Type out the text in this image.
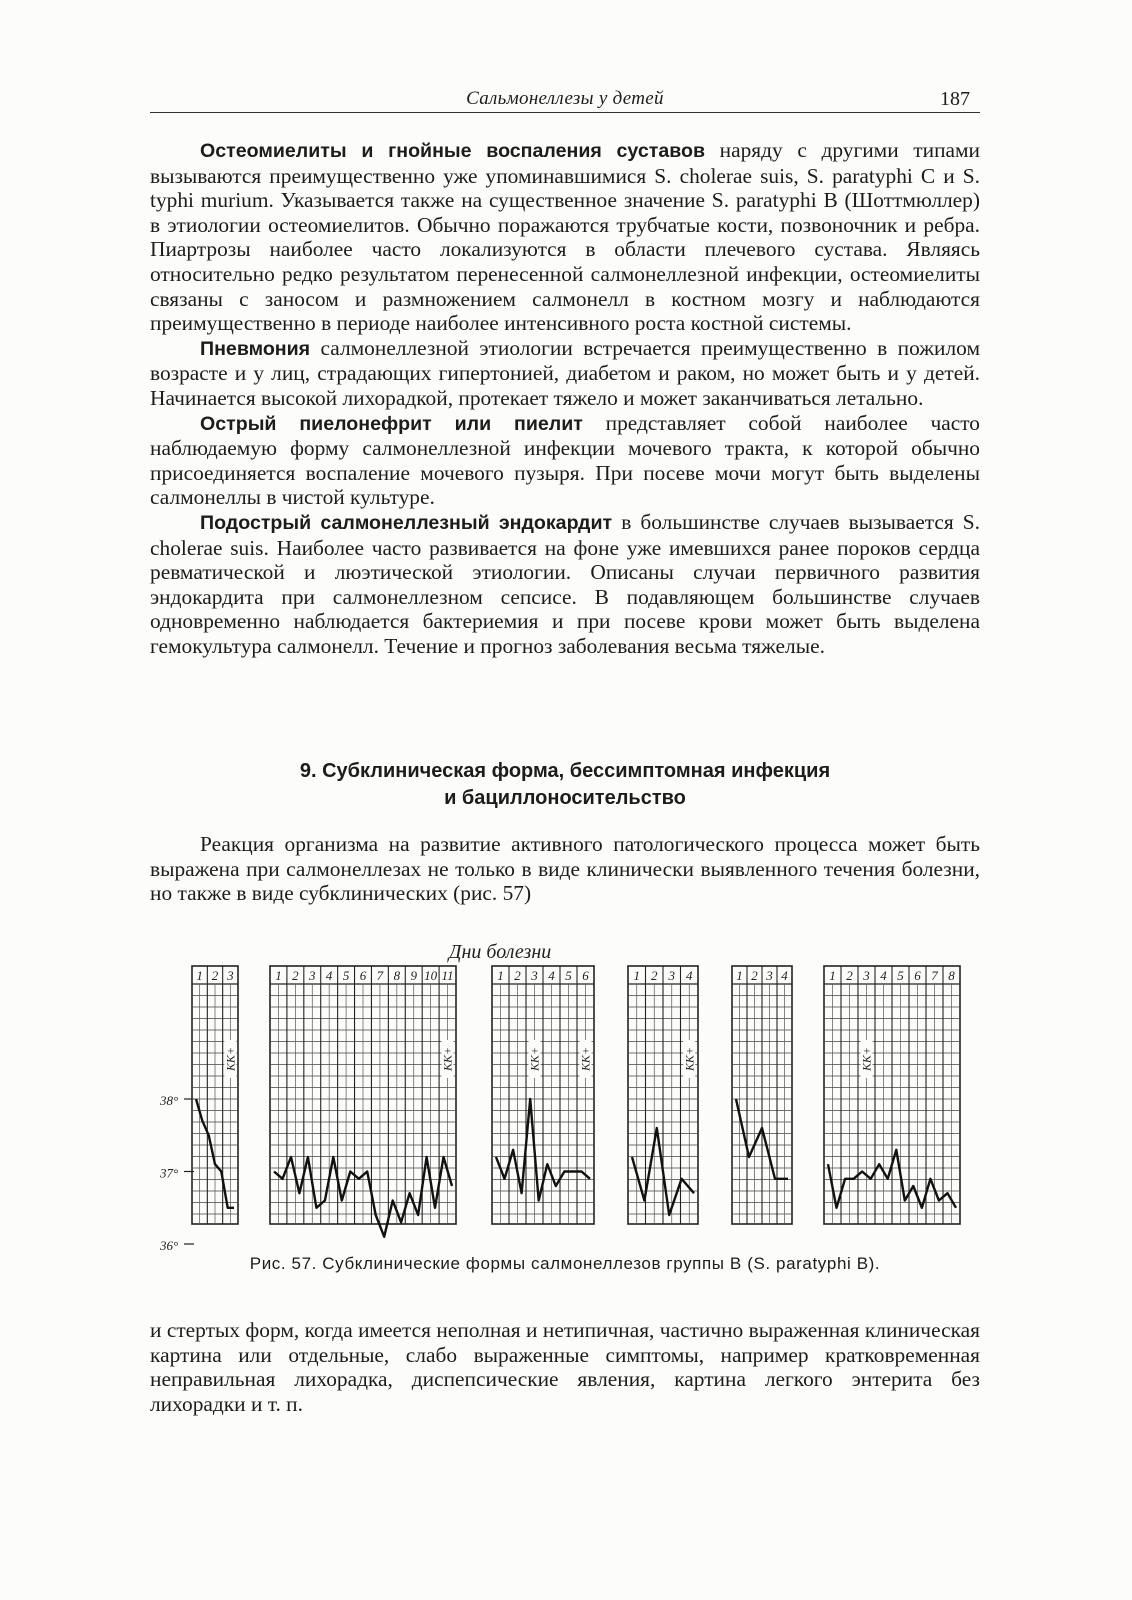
Сальмонеллезы у детей	187

Остеомиелиты и гнойные воспаления суставов наряду с другими типами вызываются преимущественно уже упоминавшимися S. cholerae suis, S. paratyphi C и S. typhi murium. Указывается также на существенное значение S. paratyphi B (Шоттмюллер) в этиологии остеомиелитов. Обычно поражаются трубчатые кости, позвоночник и ребра. Пиартрозы наиболее часто локализуются в области плечевого сустава. Являясь относительно редко результатом перенесенной салмонеллезной инфекции, остеомиелиты связаны с заносом и размножением салмонелл в костном мозгу и наблюдаются преимущественно в периоде наиболее интенсивного роста костной системы.

Пневмония салмонеллезной этиологии встречается преимущественно в пожилом возрасте и у лиц, страдающих гипертонией, диабетом и раком, но может быть и у детей. Начинается высокой лихорадкой, протекает тяжело и может заканчиваться летально.

Острый пиелонефрит или пиелит представляет собой наиболее часто наблюдаемую форму салмонеллезной инфекции мочевого тракта, к которой обычно присоединяется воспаление мочевого пузыря. При посеве мочи могут быть выделены салмонеллы в чистой культуре.

Подострый салмонеллезный эндокардит в большинстве случаев вызывается S. cholerae suis. Наиболее часто развивается на фоне уже имевшихся ранее пороков сердца ревматической и люэтической этиологии. Описаны случаи первичного развития эндокардита при салмонеллезном сепсисе. В подавляющем большинстве случаев одновременно наблюдается бактериемия и при посеве крови может быть выделена гемокультура салмонелл. Течение и прогноз заболевания весьма тяжелые.

9. Субклиническая форма, бессимптомная инфекция
и бациллоносительство

Реакция организма на развитие активного патологического процесса может быть выражена при салмонеллезах не только в виде клинически выявленного течения болезни, но также в виде субклинических (рис. 57)

Дни болезни
38°
37°
36°
1 2 3
КК+
1 2 3 4 5 6 7 8 9 10 11
КК+
1 2 3 4 5 6
КК+	КК+
1 2 3 4
КК+
1 2 3 4	1 2 3 4 5 6 7 8
КК+
Рис. 57. Субклинические формы салмонеллезов группы В (S. paratyphi B).

и стертых форм, когда имеется неполная и нетипичная, частично выраженная клиническая картина или отдельные, слабо выраженные симптомы, например кратковременная неправильная лихорадка, диспепсические явления, картина легкого энтерита без лихорадки и т. п.
